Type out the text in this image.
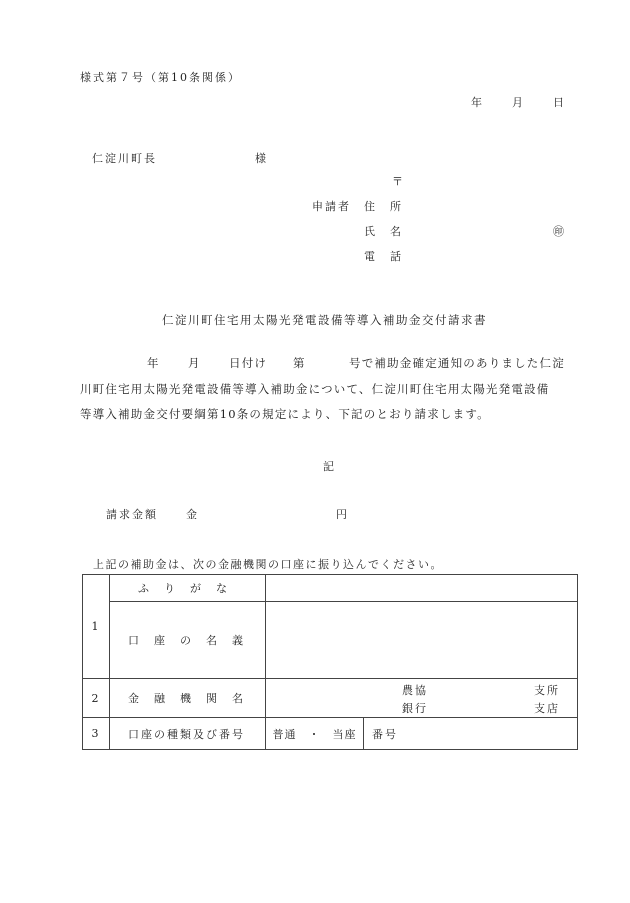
様式第７号（第10条関係）
年	月	日
仁淀川町長	様
〒
申請者 住　所
氏　名	㊞
電　話
仁淀川町住宅用太陽光発電設備等導入補助金交付請求書
年 月 日付け 第	号で補助金確定通知のありました仁淀
川町住宅用太陽光発電設備等導入補助金について、仁淀川町住宅用太陽光発電設備
等導入補助金交付要綱第10条の規定により、下記のとおり請求します。
記
請求金額	金	円
上記の補助金は、次の金融機関の口座に振り込んでください。
1	ふ　り　が　な	
	口　座　の　名　義	
2	金　融　機　関　名	農協 支所
銀行 支店

3	口座の種類及び番号	普通　・　当座 番号
